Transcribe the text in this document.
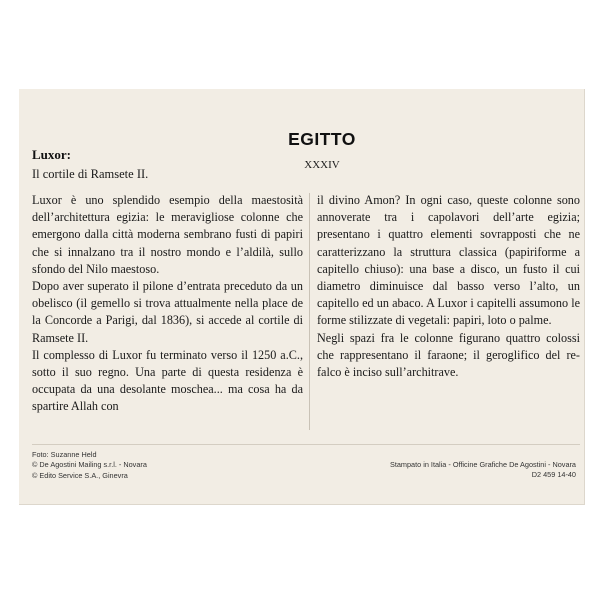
EGITTO
XXXIV
Luxor:
Il cortile di Ramsete II.

Luxor è uno splendido esempio della maestosità dell’architettura egizia: le meravigliose colonne che emergono dalla città moderna sembrano fusti di papiri che si innalzano tra il nostro mondo e l’aldilà, sullo sfondo del Nilo maestoso.

Dopo aver superato il pilone d’entrata preceduto da un obelisco (il gemello si trova attualmente nella place de la Concorde a Parigi, dal 1836), si accede al cortile di Ramsete II.

Il complesso di Luxor fu terminato verso il 1250 a.C., sotto il suo regno. Una parte di questa residenza è occupata da una desolante moschea... ma cosa ha da spartire Allah con

il divino Amon? In ogni caso, queste colonne sono annoverate tra i capolavori dell’arte egizia; presentano i quattro elementi sovrapposti che ne caratterizzano la struttura classica (papiriforme a capitello chiuso): una base a disco, un fusto il cui diametro diminuisce dal basso verso l’alto, un capitello ed un abaco. A Luxor i capitelli assumono le forme stilizzate di vegetali: papiri, loto o palme.

Negli spazi fra le colonne figurano quattro colossi che rappresentano il faraone; il geroglifico del re-falco è inciso sull’architrave.

Foto: Suzanne Held
© De Agostini Mailing s.r.l. - Novara
© Edito Service S.A., Ginevra
Stampato in Italia - Officine Grafiche De Agostini - Novara
D2 459 14-40
